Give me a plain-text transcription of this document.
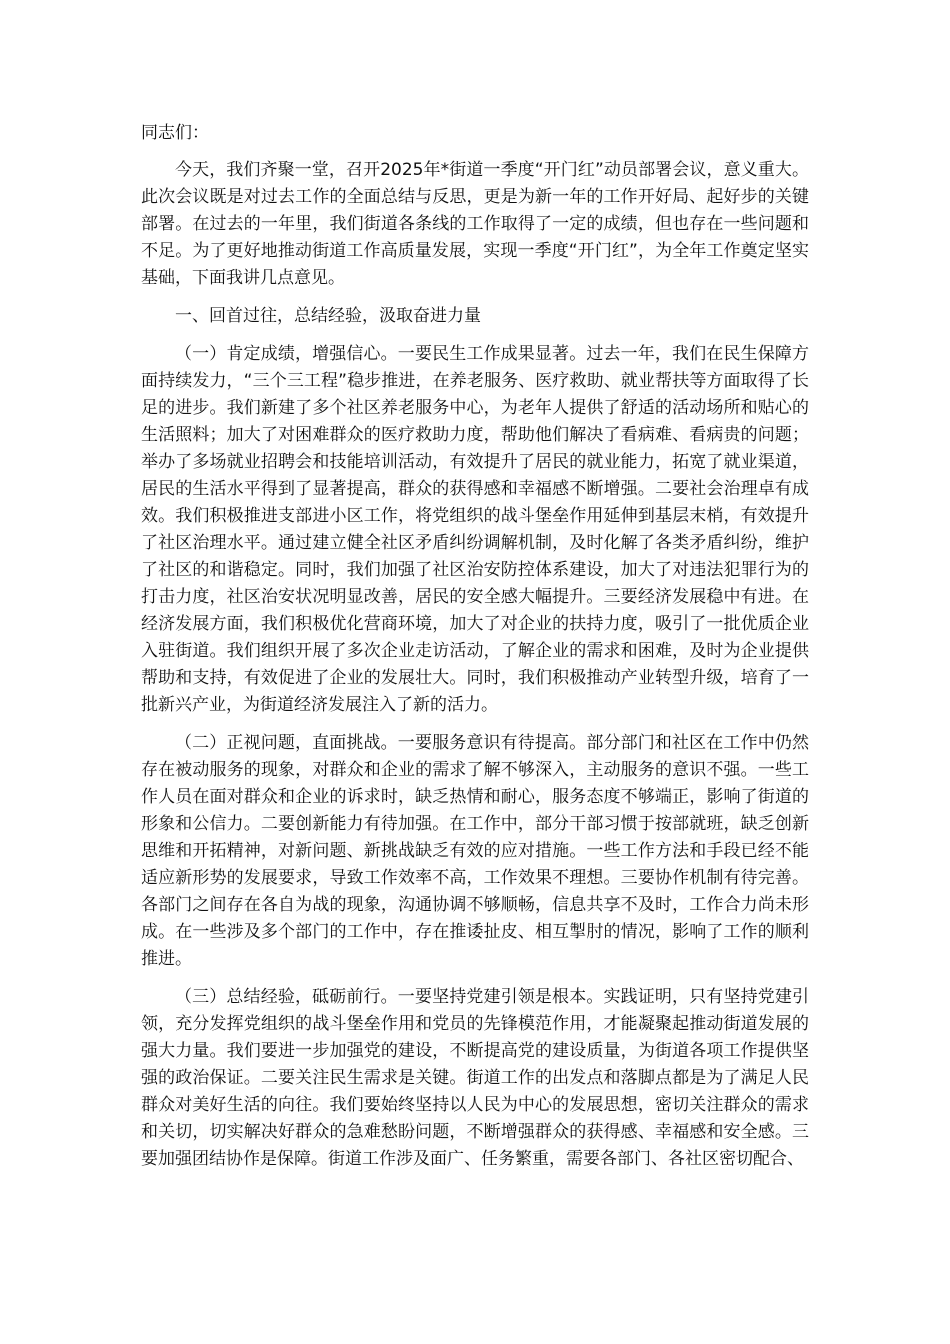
同志们：

今天，我们齐聚一堂，召开2025年*街道一季度“开门红”动员部署会议，意义重大。此次会议既是对过去工作的全面总结与反思，更是为新一年的工作开好局、起好步的关键部署。在过去的一年里，我们街道各条线的工作取得了一定的成绩，但也存在一些问题和不足。为了更好地推动街道工作高质量发展，实现一季度“开门红”，为全年工作奠定坚实基础，下面我讲几点意见。

一、回首过往，总结经验，汲取奋进力量

（一）肯定成绩，增强信心。一要民生工作成果显著。过去一年，我们在民生保障方面持续发力，“三个三工程”稳步推进，在养老服务、医疗救助、就业帮扶等方面取得了长足的进步。我们新建了多个社区养老服务中心，为老年人提供了舒适的活动场所和贴心的生活照料；加大了对困难群众的医疗救助力度，帮助他们解决了看病难、看病贵的问题；举办了多场就业招聘会和技能培训活动，有效提升了居民的就业能力，拓宽了就业渠道，居民的生活水平得到了显著提高，群众的获得感和幸福感不断增强。二要社会治理卓有成效。我们积极推进支部进小区工作，将党组织的战斗堡垒作用延伸到基层末梢，有效提升了社区治理水平。通过建立健全社区矛盾纠纷调解机制，及时化解了各类矛盾纠纷，维护了社区的和谐稳定。同时，我们加强了社区治安防控体系建设，加大了对违法犯罪行为的打击力度，社区治安状况明显改善，居民的安全感大幅提升。三要经济发展稳中有进。在经济发展方面，我们积极优化营商环境，加大了对企业的扶持力度，吸引了一批优质企业入驻街道。我们组织开展了多次企业走访活动，了解企业的需求和困难，及时为企业提供帮助和支持，有效促进了企业的发展壮大。同时，我们积极推动产业转型升级，培育了一批新兴产业，为街道经济发展注入了新的活力。

（二）正视问题，直面挑战。一要服务意识有待提高。部分部门和社区在工作中仍然存在被动服务的现象，对群众和企业的需求了解不够深入，主动服务的意识不强。一些工作人员在面对群众和企业的诉求时，缺乏热情和耐心，服务态度不够端正，影响了街道的形象和公信力。二要创新能力有待加强。在工作中，部分干部习惯于按部就班，缺乏创新思维和开拓精神，对新问题、新挑战缺乏有效的应对措施。一些工作方法和手段已经不能适应新形势的发展要求，导致工作效率不高，工作效果不理想。三要协作机制有待完善。各部门之间存在各自为战的现象，沟通协调不够顺畅，信息共享不及时，工作合力尚未形成。在一些涉及多个部门的工作中，存在推诿扯皮、相互掣肘的情况，影响了工作的顺利推进。

（三）总结经验，砥砺前行。一要坚持党建引领是根本。实践证明，只有坚持党建引领，充分发挥党组织的战斗堡垒作用和党员的先锋模范作用，才能凝聚起推动街道发展的强大力量。我们要进一步加强党的建设，不断提高党的建设质量，为街道各项工作提供坚强的政治保证。二要关注民生需求是关键。街道工作的出发点和落脚点都是为了满足人民群众对美好生活的向往。我们要始终坚持以人民为中心的发展思想，密切关注群众的需求和关切，切实解决好群众的急难愁盼问题，不断增强群众的获得感、幸福感和安全感。三要加强团结协作是保障。街道工作涉及面广、任务繁重，需要各部门、各社区密切配合、
